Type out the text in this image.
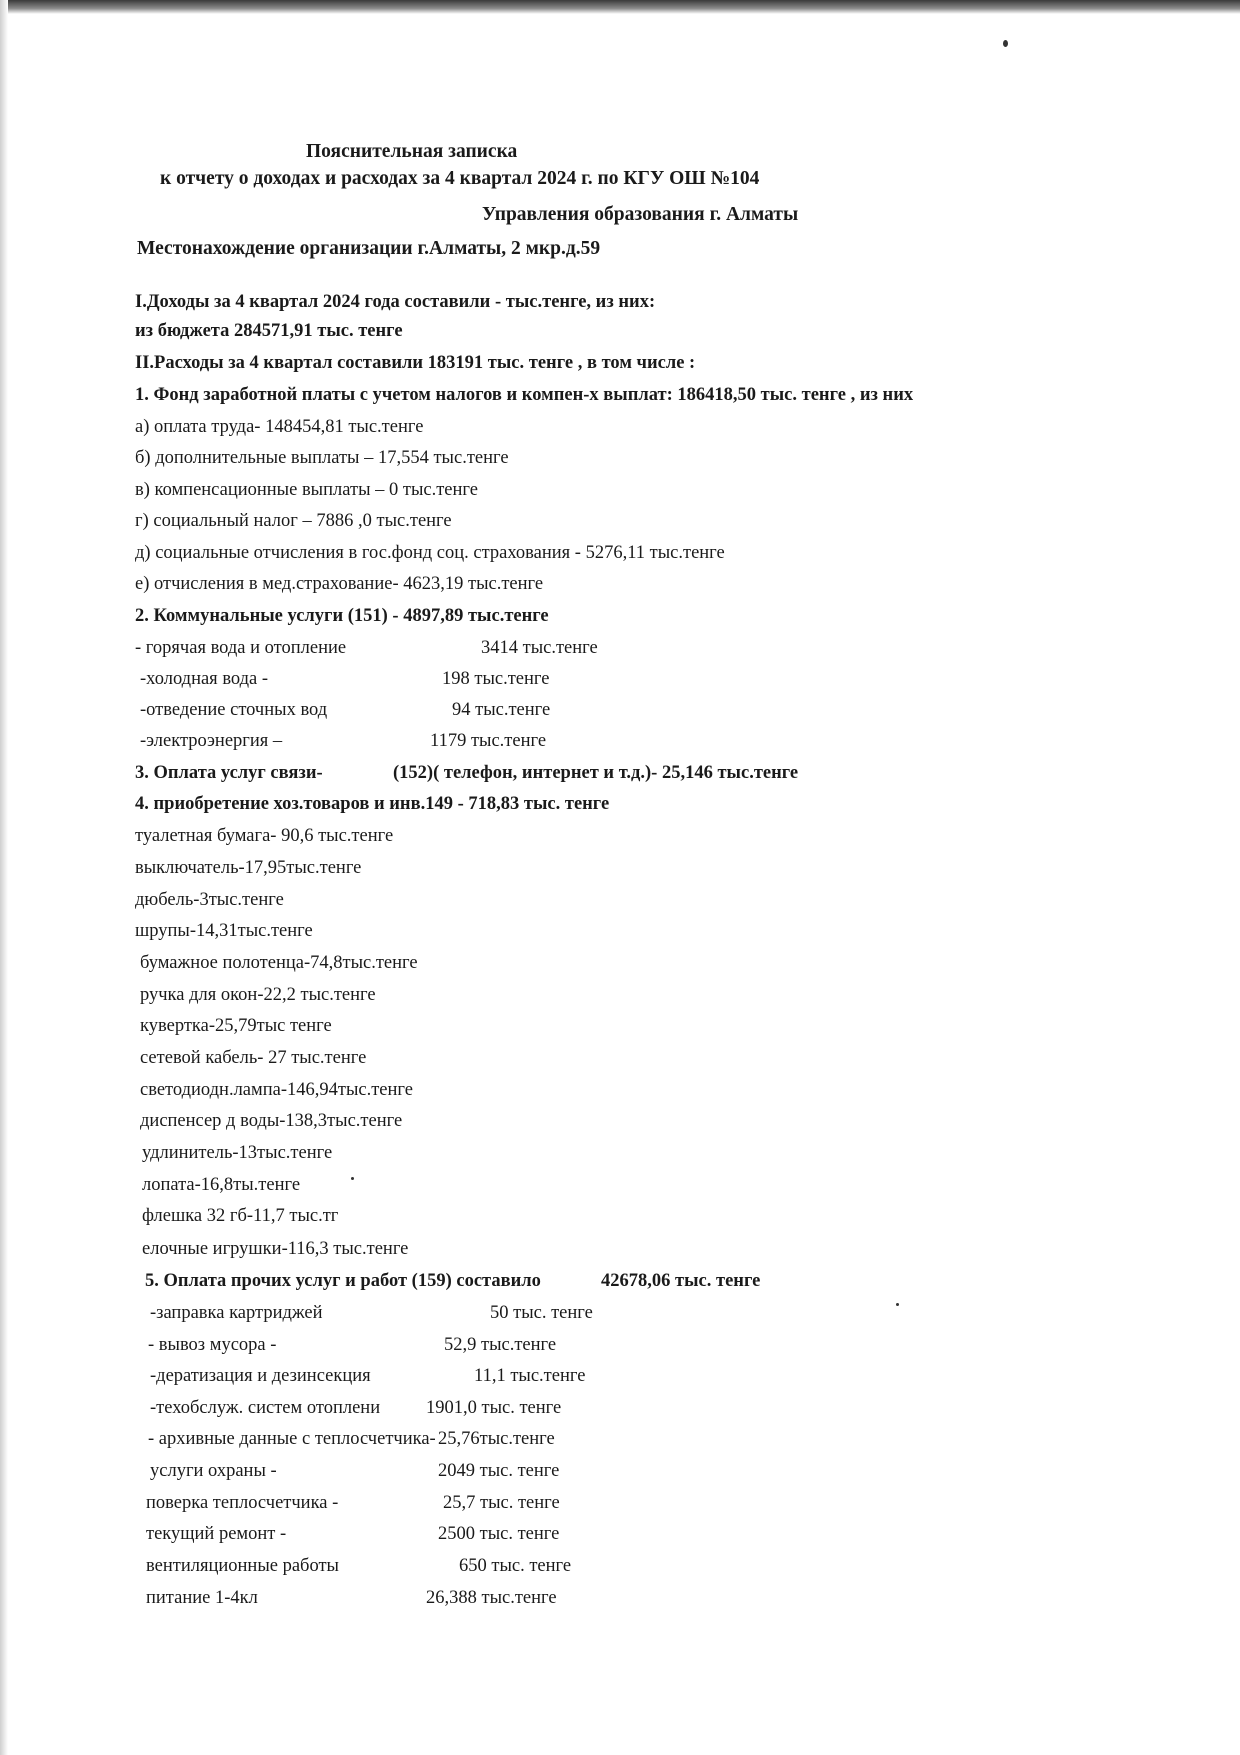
Пояснительная записка
к отчету о доходах и расходах за 4 квартал 2024 г. по КГУ ОШ №104
Управления образования г. Алматы
Местонахождение организации г.Алматы, 2 мкр.д.59
I.Доходы за 4 квартал 2024 года составили - тыс.тенге, из них:
из бюджета 284571,91 тыс. тенге
II.Расходы за 4 квартал составили 183191 тыс. тенге , в том числе :
1. Фонд заработной платы с учетом налогов и компен-х выплат: 186418,50 тыс. тенге , из них
а) оплата труда- 148454,81 тыс.тенге
б) дополнительные выплаты – 17,554 тыс.тенге
в) компенсационные выплаты – 0 тыс.тенге
г) социальный налог – 7886 ,0 тыс.тенге
д) социальные отчисления в гос.фонд соц. страхования - 5276,11 тыс.тенге
е) отчисления в мед.страхование- 4623,19 тыс.тенге
2. Коммунальные услуги (151) - 4897,89 тыс.тенге
- горячая вода и отопление	3414 тыс.тенге
-холодная вода -	198 тыс.тенге
-отведение сточных вод	94 тыс.тенге
-электроэнергия –	1179 тыс.тенге
3. Оплата услуг связи-	(152)( телефон, интернет и т.д.)- 25,146 тыс.тенге
4. приобретение хоз.товаров и инв.149 - 718,83 тыс. тенге
туалетная бумага- 90,6 тыс.тенге
выключатель-17,95тыс.тенге
дюбель-3тыс.тенге
шрупы-14,31тыс.тенге
бумажное полотенца-74,8тыс.тенге
ручка для окон-22,2 тыс.тенге
кувертка-25,79тыс тенге
сетевой кабель- 27 тыс.тенге
светодиодн.лампа-146,94тыс.тенге
диспенсер д воды-138,3тыс.тенге
удлинитель-13тыс.тенге
лопата-16,8ты.тенге
флешка 32 гб-11,7 тыс.тг
елочные игрушки-116,3 тыс.тенге
5. Оплата прочих услуг и работ (159) составило	42678,06 тыс. тенге
-заправка картриджей	50 тыс. тенге
- вывоз мусора -	52,9 тыс.тенге
-дератизация и дезинсекция	11,1 тыс.тенге
-техобслуж. систем отоплени 1901,0 тыс. тенге
- архивные данные с теплосчетчика- 25,76тыс.тенге
услуги охраны -	2049 тыс. тенге
поверка теплосчетчика -	25,7 тыс. тенге
текущий ремонт -	2500 тыс. тенге
вентиляционные работы	650 тыс. тенге
питание 1-4кл	26,388 тыс.тенге
